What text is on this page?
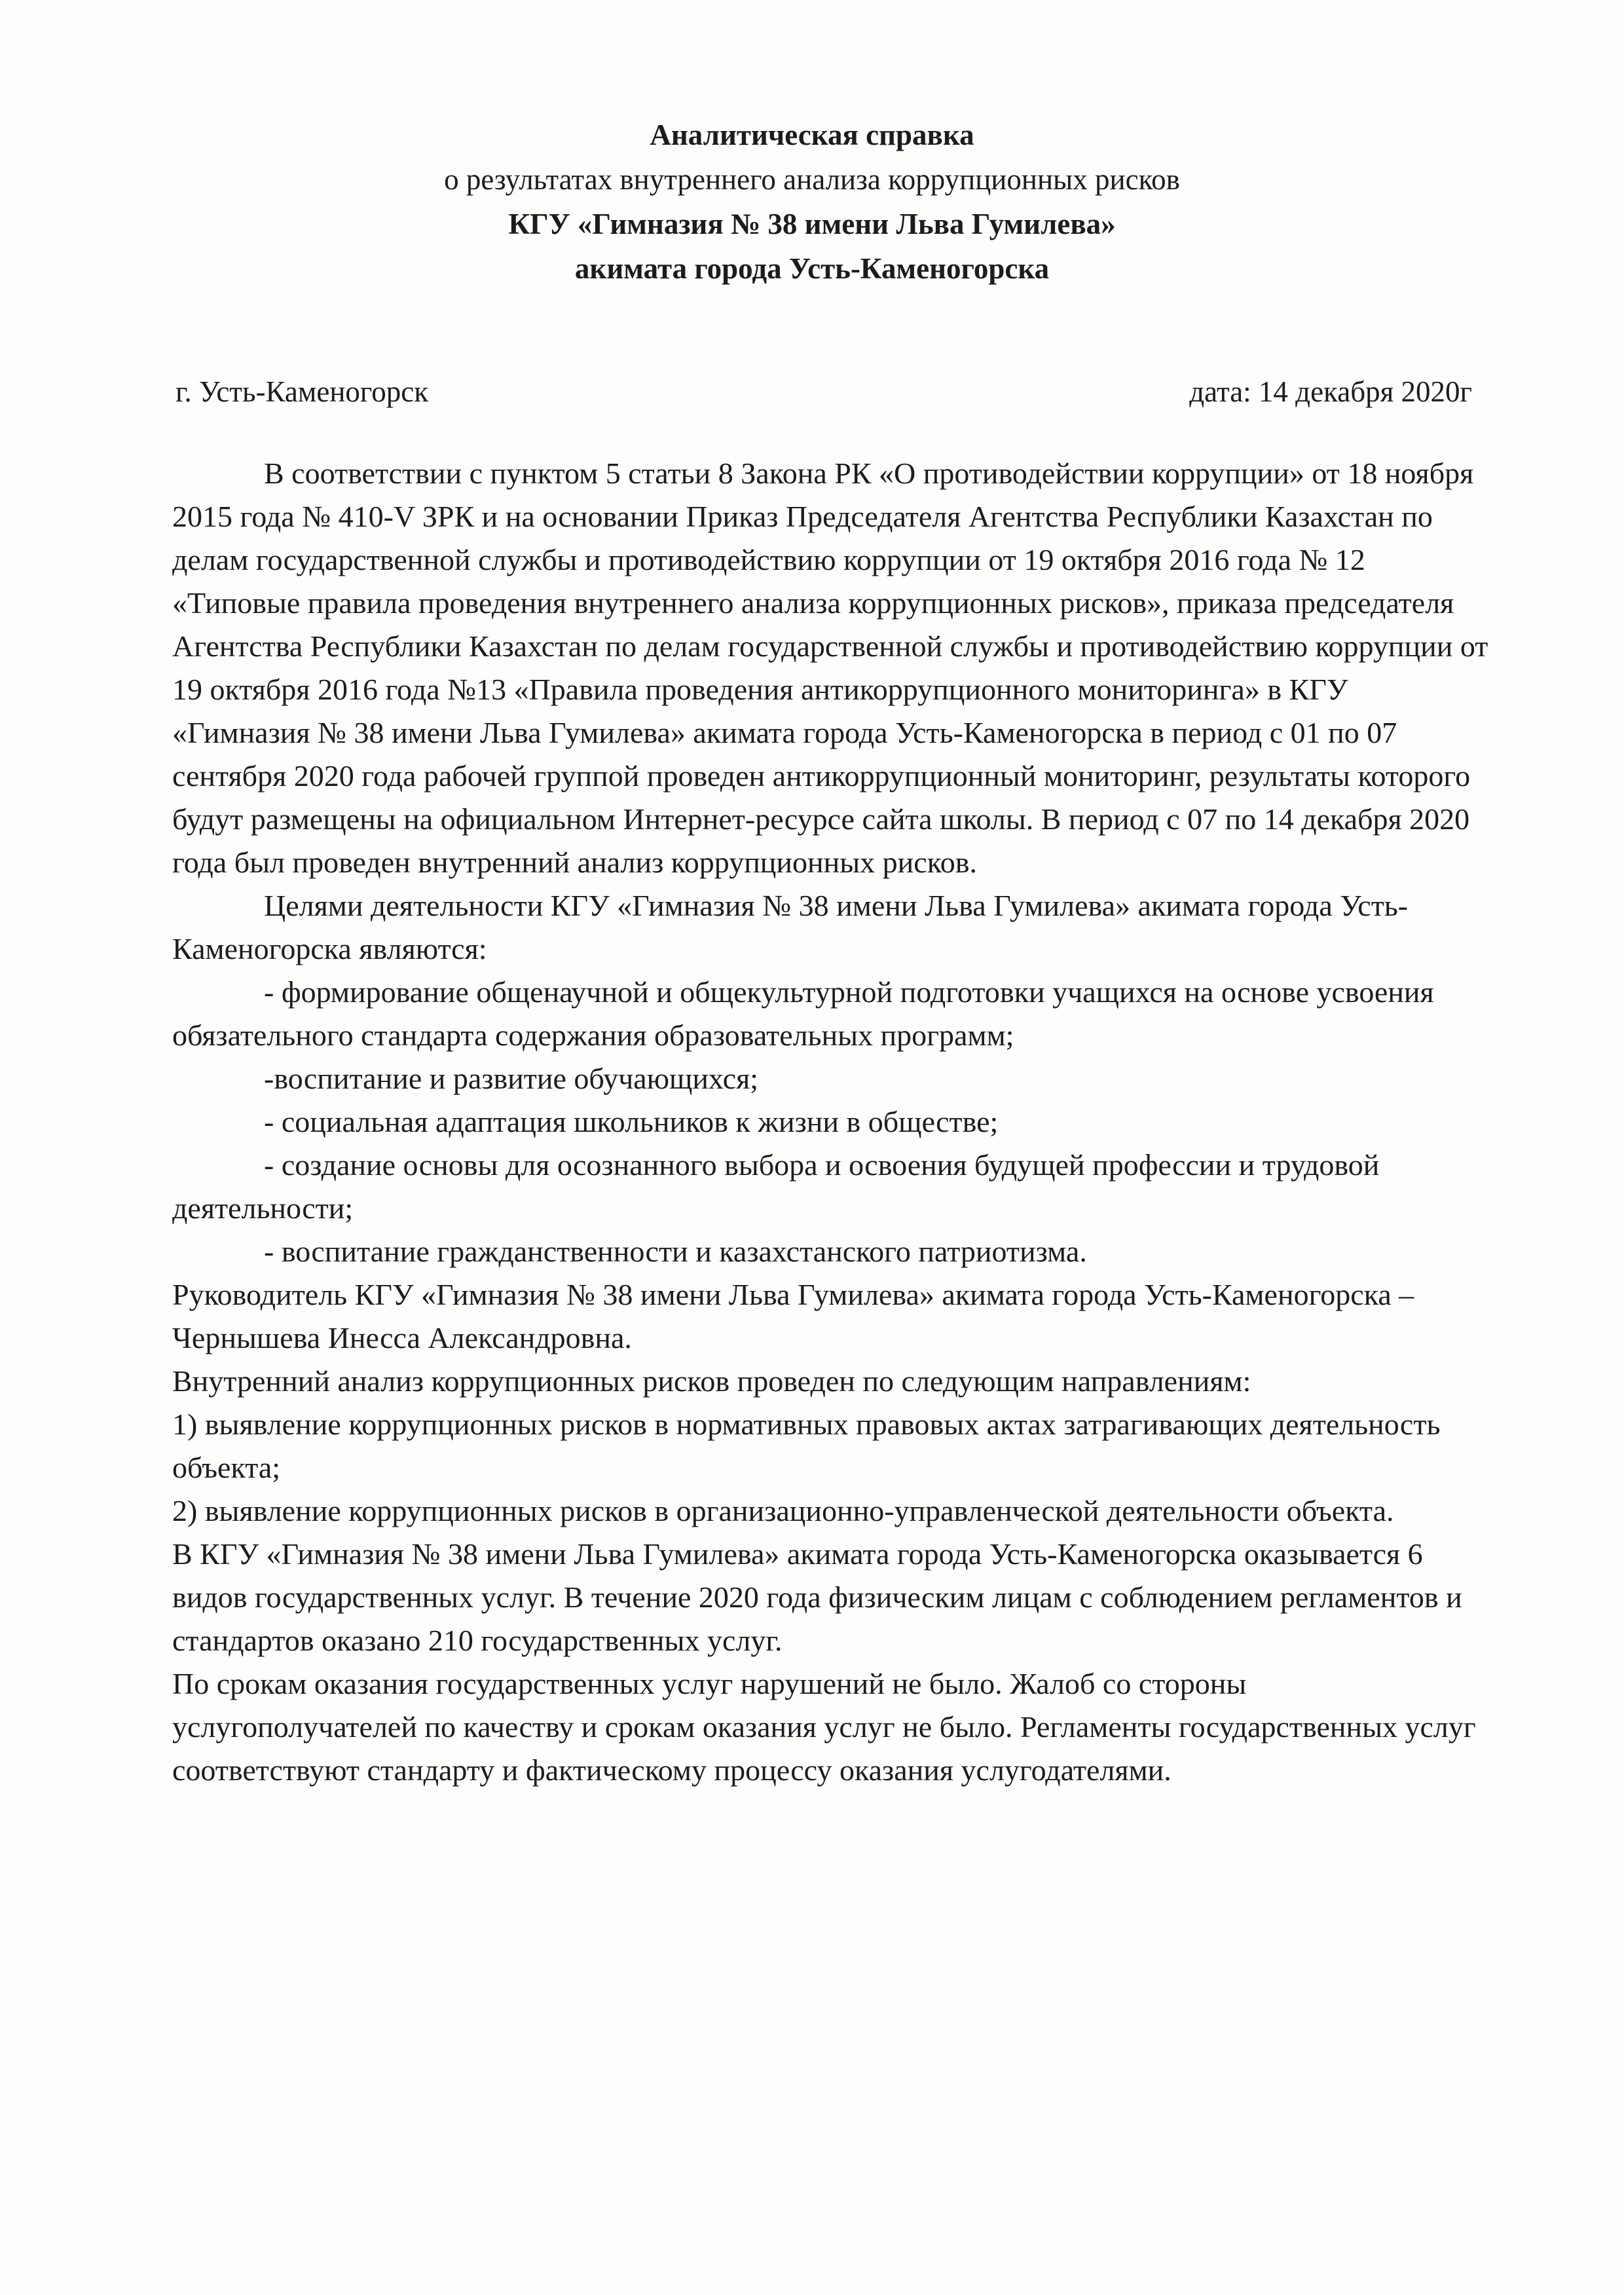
Аналитическая справка
о результатах внутреннего анализа коррупционных рисков
КГУ «Гимназия № 38 имени Льва Гумилева»
акимата города Усть-Каменогорска
г. Усть-Каменогорск	дата: 14 декабря 2020г

В соответствии с пунктом 5 статьи 8 Закона РК «О противодействии коррупции» от 18 ноября 2015 года № 410-V ЗРК и на основании Приказ Председателя Агентства Республики Казахстан по делам государственной службы и противодействию коррупции от 19 октября 2016 года № 12 «Типовые правила проведения внутреннего анализа коррупционных рисков», приказа председателя Агентства Республики Казахстан по делам государственной службы и противодействию коррупции от 19 октября 2016 года №13 «Правила проведения антикоррупционного мониторинга» в КГУ «Гимназия № 38 имени Льва Гумилева» акимата города Усть-Каменогорска в период с 01 по 07 сентября 2020 года рабочей группой проведен антикоррупционный мониторинг, результаты которого будут размещены на официальном Интернет-ресурсе сайта школы. В период с 07 по 14 декабря 2020 года был проведен внутренний анализ коррупционных рисков.

Целями деятельности КГУ «Гимназия № 38 имени Льва Гумилева» акимата города Усть-Каменогорска являются:

- формирование общенаучной и общекультурной подготовки учащихся на основе усвоения обязательного стандарта содержания образовательных программ;

-воспитание и развитие обучающихся;

- социальная адаптация школьников к жизни в обществе;

- создание основы для осознанного выбора и освоения будущей профессии и трудовой деятельности;

- воспитание гражданственности и казахстанского патриотизма.

Руководитель КГУ «Гимназия № 38 имени Льва Гумилева» акимата города Усть-Каменогорска – Чернышева Инесса Александровна.

Внутренний анализ коррупционных рисков проведен по следующим направлениям:

1) выявление коррупционных рисков в нормативных правовых актах затрагивающих деятельность объекта;

2) выявление коррупционных рисков в организационно-управленческой деятельности объекта.

В КГУ «Гимназия № 38 имени Льва Гумилева» акимата города Усть-Каменогорска оказывается 6 видов государственных услуг. В течение 2020 года физическим лицам с соблюдением регламентов и стандартов оказано 210 государственных услуг.

По срокам оказания государственных услуг нарушений не было. Жалоб со стороны услугополучателей по качеству и срокам оказания услуг не было. Регламенты государственных услуг соответствуют стандарту и фактическому процессу оказания услугодателями.
